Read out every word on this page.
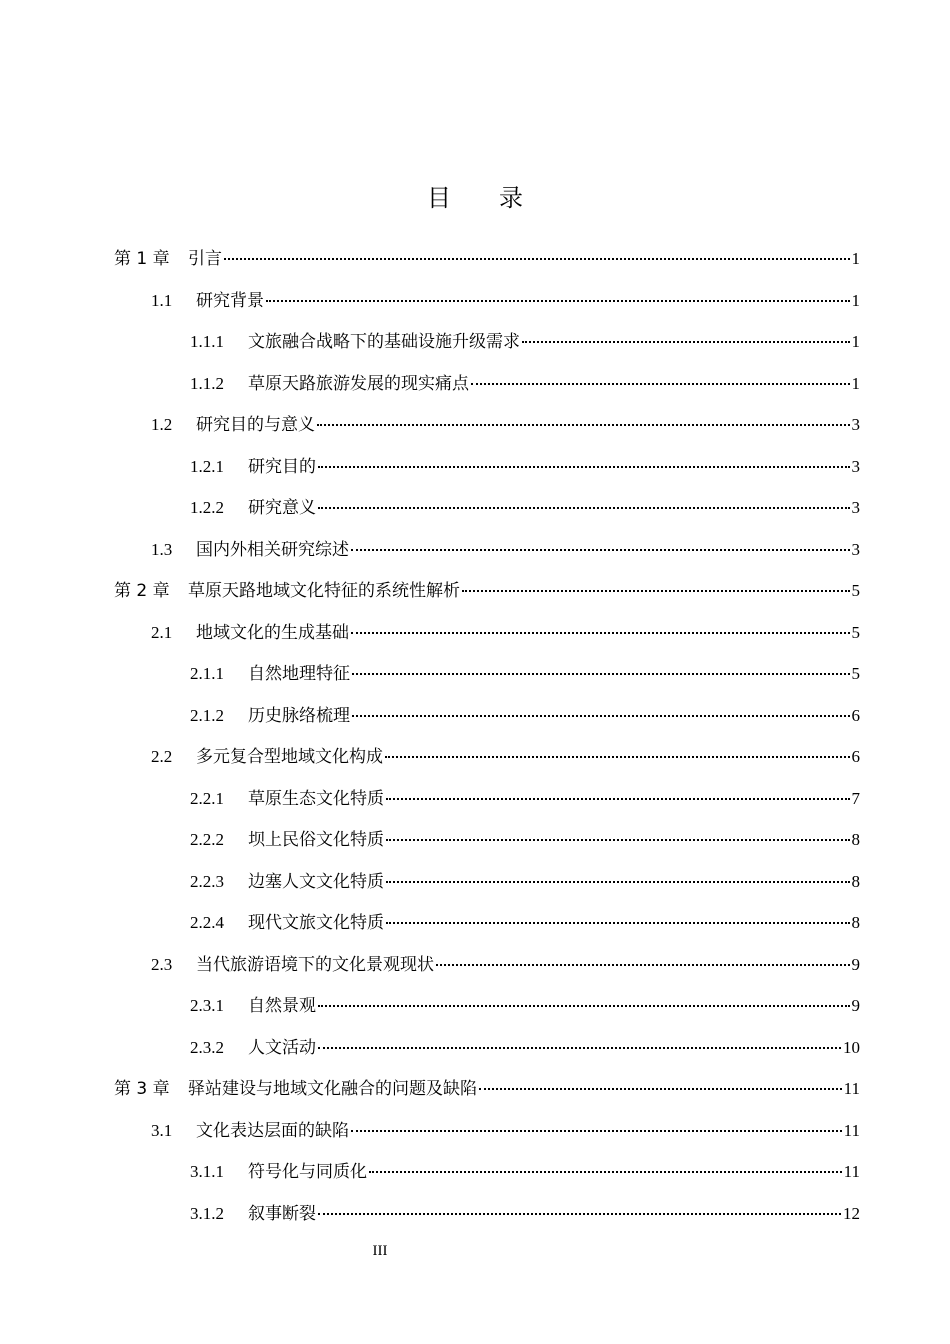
目 录
第 1 章	引言	1
1.1	研究背景	1
1.1.1	文旅融合战略下的基础设施升级需求	1
1.1.2	草原天路旅游发展的现实痛点	1
1.2	研究目的与意义	3
1.2.1	研究目的	3
1.2.2	研究意义	3
1.3	国内外相关研究综述	3
第 2 章	草原天路地域文化特征的系统性解析	5
2.1	地域文化的生成基础	5
2.1.1	自然地理特征	5
2.1.2	历史脉络梳理	6
2.2	多元复合型地域文化构成	6
2.2.1	草原生态文化特质	7
2.2.2	坝上民俗文化特质	8
2.2.3	边塞人文文化特质	8
2.2.4	现代文旅文化特质	8
2.3	当代旅游语境下的文化景观现状	9
2.3.1	自然景观	9
2.3.2	人文活动	10
第 3 章	驿站建设与地域文化融合的问题及缺陷	11
3.1	文化表达层面的缺陷	11
3.1.1	符号化与同质化	11
3.1.2	叙事断裂	12
III
